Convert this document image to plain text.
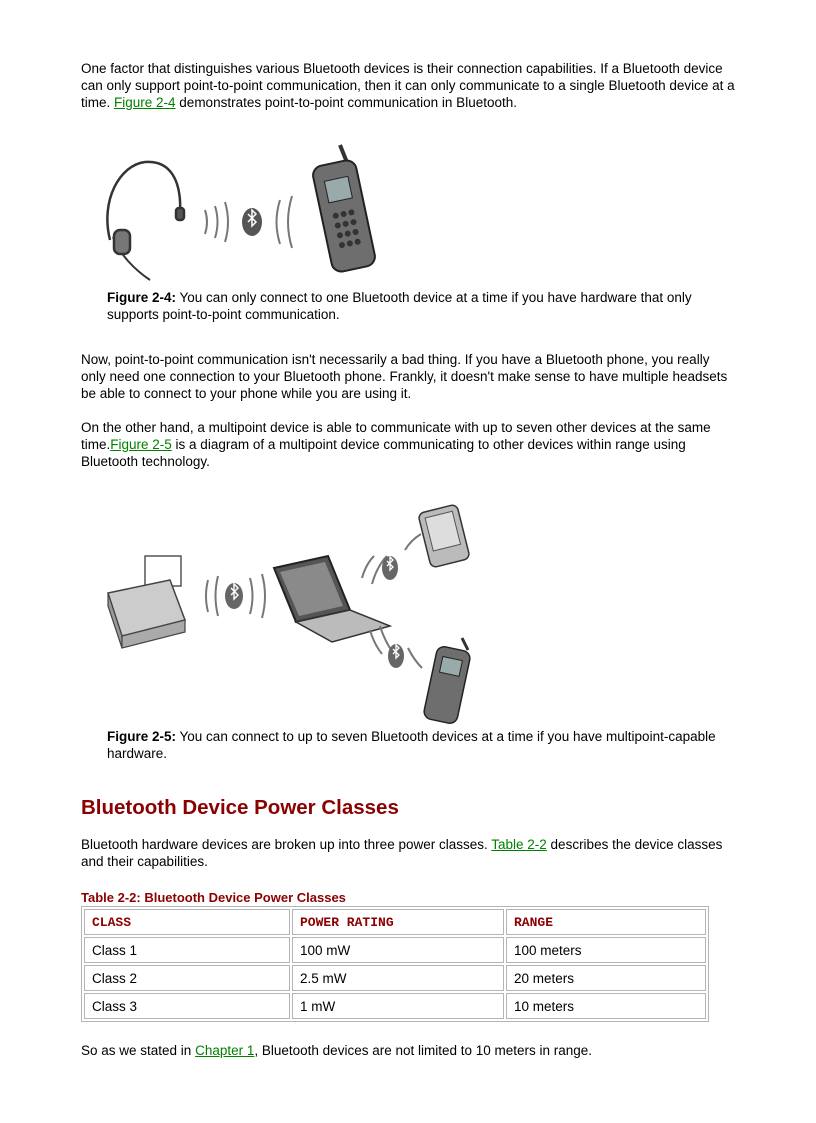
One factor that distinguishes various Bluetooth devices is their connection capabilities. If a Bluetooth device can only support point-to-point communication, then it can only communicate to a single Bluetooth device at a time. Figure 2-4 demonstrates point-to-point communication in Bluetooth.

Figure 2-4: You can only connect to one Bluetooth device at a time if you have hardware that only supports point-to-point communication.

Now, point-to-point communication isn't necessarily a bad thing. If you have a Bluetooth phone, you really only need one connection to your Bluetooth phone. Frankly, it doesn't make sense to have multiple headsets be able to connect to your phone while you are using it.

On the other hand, a multipoint device is able to communicate with up to seven other devices at the same time.Figure 2-5 is a diagram of a multipoint device communicating to other devices within range using Bluetooth technology.

Figure 2-5: You can connect to up to seven Bluetooth devices at a time if you have multipoint-capable hardware.
Bluetooth Device Power Classes

Bluetooth hardware devices are broken up into three power classes. Table 2-2 describes the device classes and their capabilities.

Table 2-2: Bluetooth Device Power Classes
CLASS	POWER RATING	RANGE
Class 1	100 mW	100 meters
Class 2	2.5 mW	20 meters
Class 3	1 mW	10 meters

So as we stated in Chapter 1, Bluetooth devices are not limited to 10 meters in range.
